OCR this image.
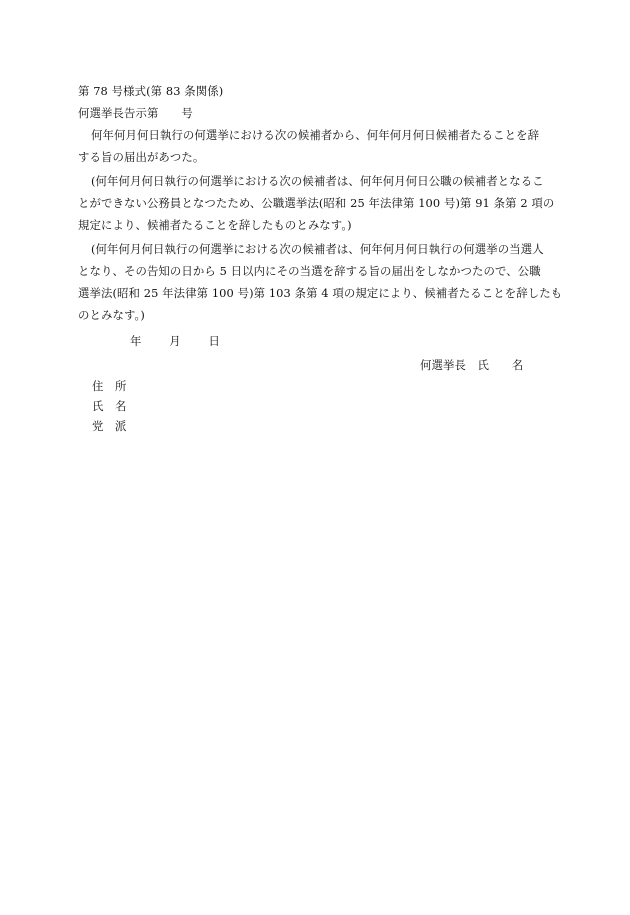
第 78 号様式(第 83 条関係)
何選挙長告示第　　号
何年何月何日執行の何選挙における次の候補者から、何年何月何日候補者たることを辞
する旨の届出があつた。
(何年何月何日執行の何選挙における次の候補者は、何年何月何日公職の候補者となるこ
とができない公務員となつたため、公職選挙法(昭和 25 年法律第 100 号)第 91 条第 2 項の
規定により、候補者たることを辞したものとみなす。)
(何年何月何日執行の何選挙における次の候補者は、何年何月何日執行の何選挙の当選人
となり、その告知の日から 5 日以内にその当選を辞する旨の届出をしなかつたので、公職
選挙法(昭和 25 年法律第 100 号)第 103 条第 4 項の規定により、候補者たることを辞したも
のとみなす。)
年 月 日
何選挙長　氏　　名
住　所
氏　名
党　派
